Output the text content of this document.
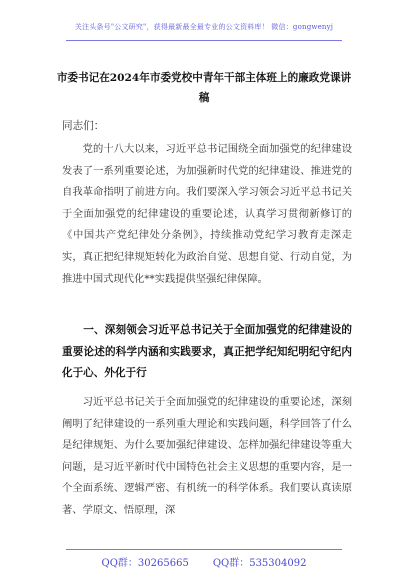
关注头条号"公文研究"，获得最新最全最专业的公文资料库！ 微信：gongwenyj
市委书记在2024年市委党校中青年干部主体班上的廉政党课讲稿
同志们：
党的十八大以来，习近平总书记围绕全面加强党的纪律建设发表了一系列重要论述，为加强新时代党的纪律建设、推进党的自我革命指明了前进方向。我们要深入学习领会习近平总书记关于全面加强党的纪律建设的重要论述，认真学习贯彻新修订的《中国共产党纪律处分条例》，持续推动党纪学习教育走深走实，真正把纪律规矩转化为政治自觉、思想自觉、行动自觉，为推进中国式现代化**实践提供坚强纪律保障。
一、深刻领会习近平总书记关于全面加强党的纪律建设的重要论述的科学内涵和实践要求，真正把学纪知纪明纪守纪内化于心、外化于行
习近平总书记关于全面加强党的纪律建设的重要论述，深刻阐明了纪律建设的一系列重大理论和实践问题，科学回答了什么是纪律规矩、为什么要加强纪律建设、怎样加强纪律建设等重大问题，是习近平新时代中国特色社会主义思想的重要内容，是一个全面系统、逻辑严密、有机统一的科学体系。我们要认真读原著、学原文、悟原理，深
QQ群：30265665 QQ群：535304092
